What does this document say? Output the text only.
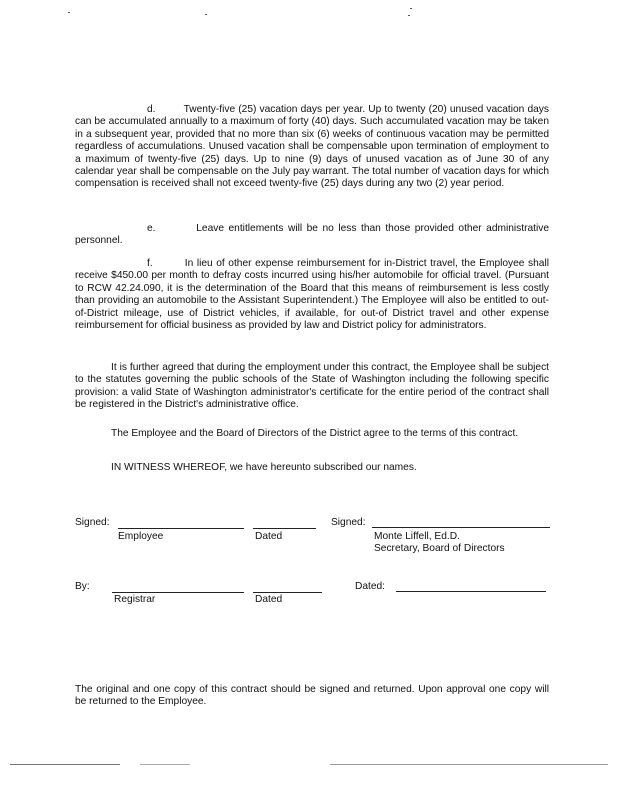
d.         Twenty-five (25) vacation days per year. Up to twenty (20) unused vacation days can be accumulated annually to a maximum of forty (40) days. Such accumulated vacation may be taken in a subsequent year, provided that no more than six (6) weeks of continuous vacation may be permitted regardless of accumulations. Unused vacation shall be compensable upon termination of employment to a maximum of twenty-five (25) days. Up to nine (9) days of unused vacation as of June 30 of any calendar year shall be compensable on the July pay warrant. The total number of vacation days for which compensation is received shall not exceed twenty-five (25) days during any two (2) year period.

e.         Leave entitlements will be no less than those provided other administrative personnel.

f.         In lieu of other expense reimbursement for in-District travel, the Employee shall receive $450.00 per month to defray costs incurred using his/her automobile for official travel. (Pursuant to RCW 42.24.090, it is the determination of the Board that this means of reimbursement is less costly than providing an automobile to the Assistant Superintendent.) The Employee will also be entitled to out-of-District mileage, use of District vehicles, if available, for out-of District travel and other expense reimbursement for official business as provided by law and District policy for administrators.

It is further agreed that during the employment under this contract, the Employee shall be subject to the statutes governing the public schools of the State of Washington including the following specific provision: a valid State of Washington administrator's certificate for the entire period of the contract shall be registered in the District's administrative office.

The Employee and the Board of Directors of the District agree to the terms of this contract.

IN WITNESS WHEREOF, we have hereunto subscribed our names.

Signed:
Employee	Dated
Signed:
Monte Liffell, Ed.D.
Secretary, Board of Directors
By:
Registrar	Dated
Dated:

The original and one copy of this contract should be signed and returned. Upon approval one copy will be returned to the Employee.
